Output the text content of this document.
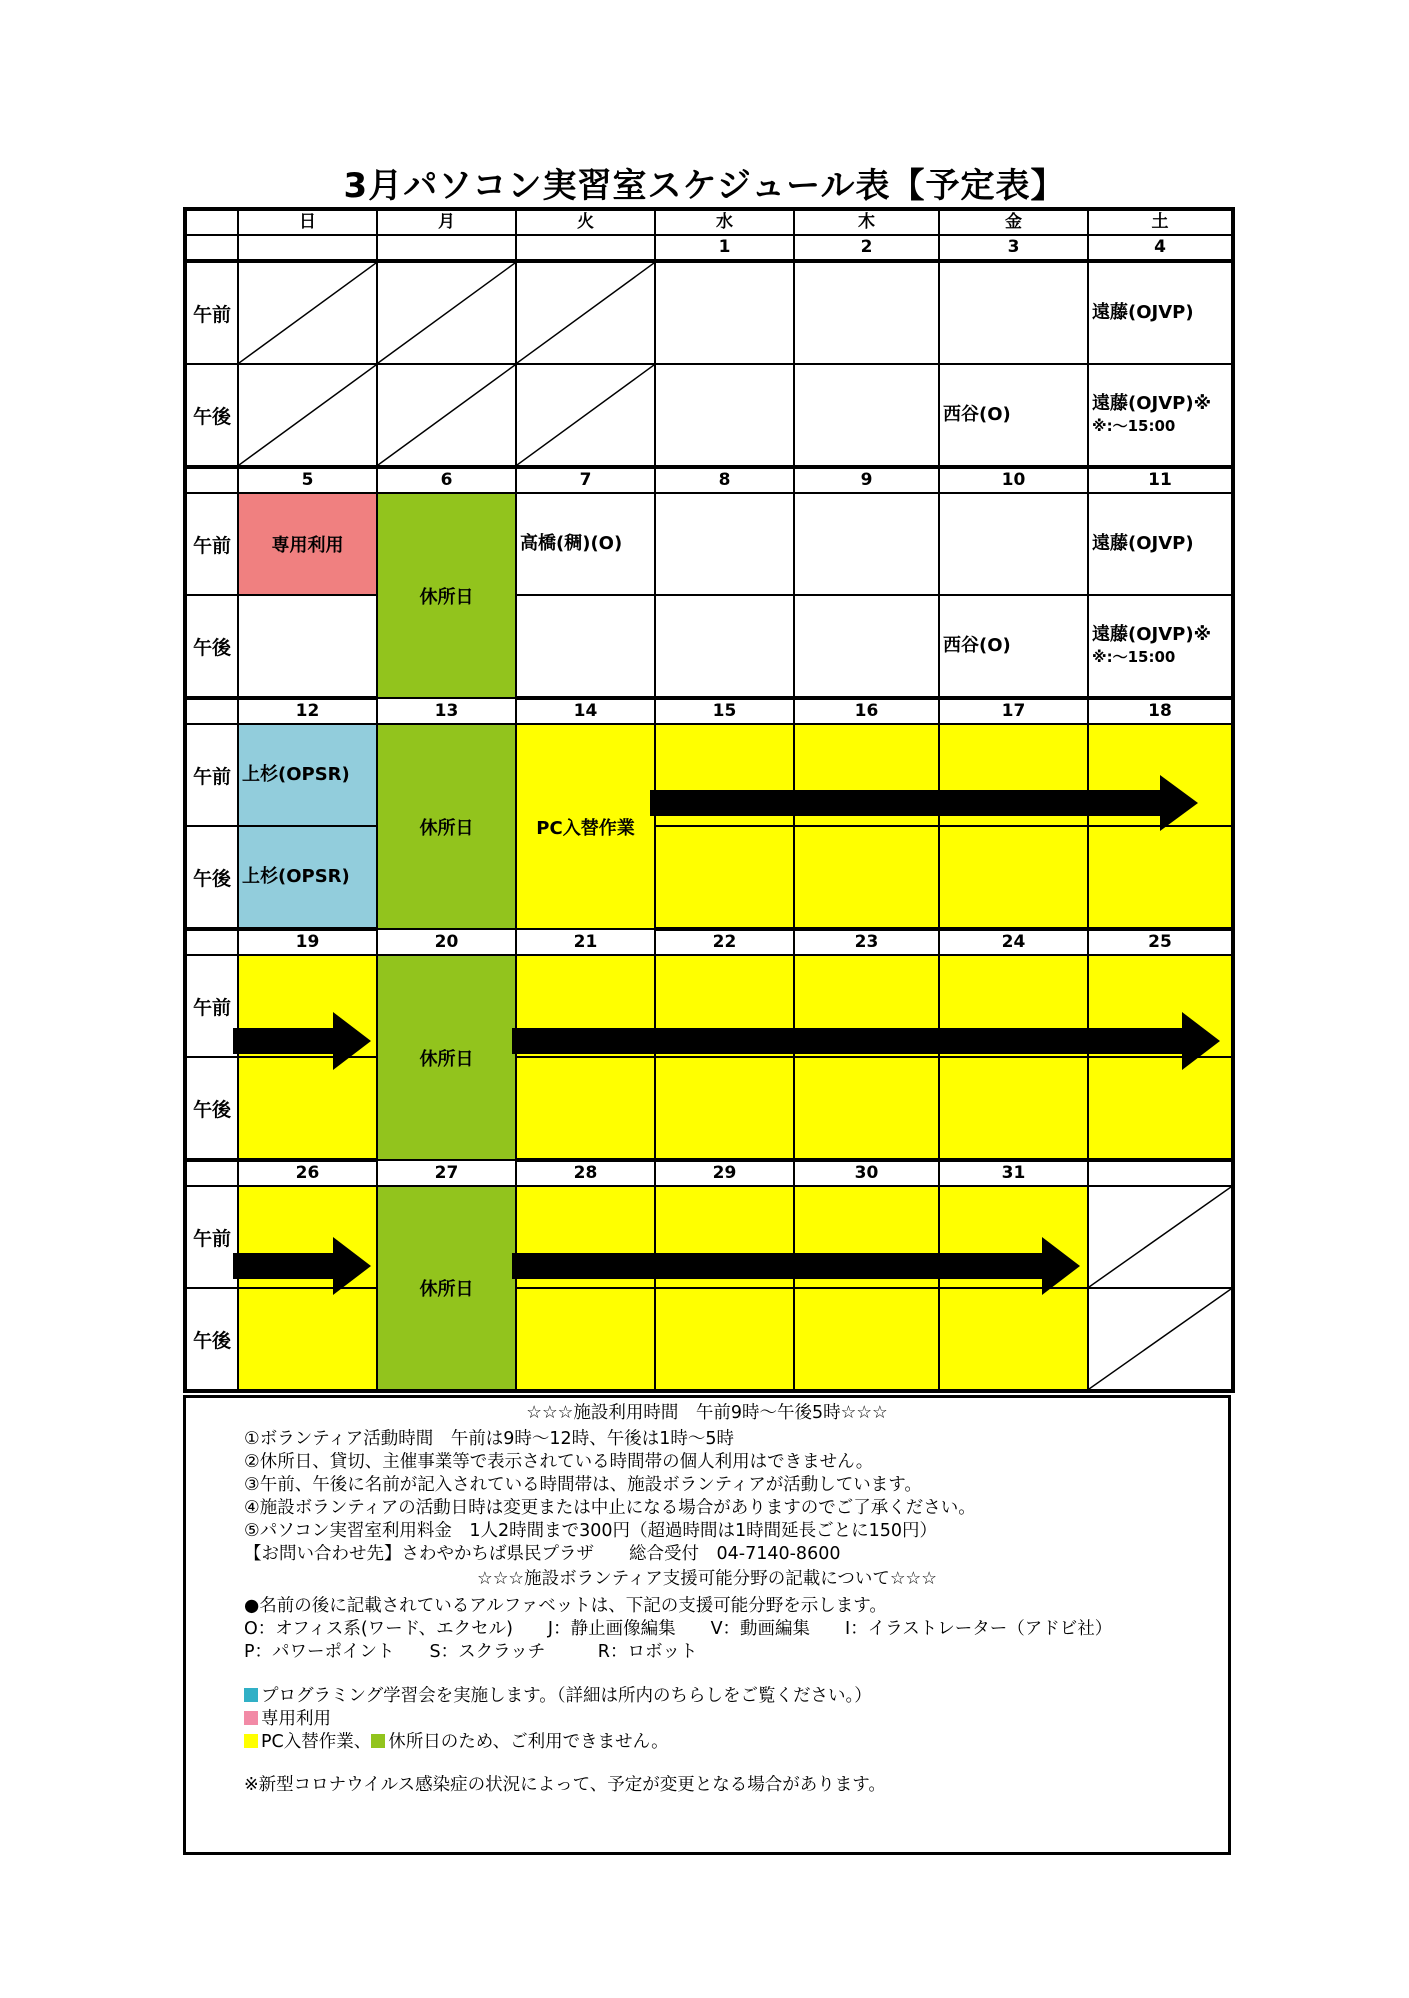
3月パソコン実習室スケジュール表【予定表】
	日	月	火	水	木	金	土
				1	2	3	4
午前							遠藤(OJVP)

午後						西谷(O)	遠藤(OJVP)※
※:～15:00

	5	6	7	8	9	10	11
午前	専用利用	休所日	高橋(稠)(O)				遠藤(OJVP)

午後						西谷(O)	遠藤(OJVP)※
※:～15:00

	12	13	14	15	16	17	18
午前	上杉(OPSR)	休所日	PC入替作業				
午後	上杉(OPSR)						

	19	20	21	22	23	24	25
午前		休所日					
午後							
	26	27	28	29	30	31	
午前		休所日					

午後						
☆☆☆施設利用時間　午前9時～午後5時☆☆☆
①ボランティア活動時間　午前は9時～12時、午後は1時～5時
②休所日、貸切、主催事業等で表示されている時間帯の個人利用はできません。
③午前、午後に名前が記入されている時間帯は、施設ボランティアが活動しています。
④施設ボランティアの活動日時は変更または中止になる場合がありますのでご了承ください。
⑤パソコン実習室利用料金　1人2時間まで300円（超過時間は1時間延長ごとに150円）
【お問い合わせ先】さわやかちば県民プラザ　　総合受付　04-7140-8600
☆☆☆施設ボランティア支援可能分野の記載について☆☆☆
●名前の後に記載されているアルファベットは、下記の支援可能分野を示します。
O：オフィス系(ワード、エクセル)　　J：静止画像編集　　V：動画編集　　I：イラストレーター（アドビ社）
P：パワーポイント　　S：スクラッチ　　　R：ロボット
プログラミング学習会を実施します。（詳細は所内のちらしをご覧ください。）
専用利用
PC入替作業、 休所日のため、ご利用できません。
※新型コロナウイルス感染症の状況によって、予定が変更となる場合があります。
